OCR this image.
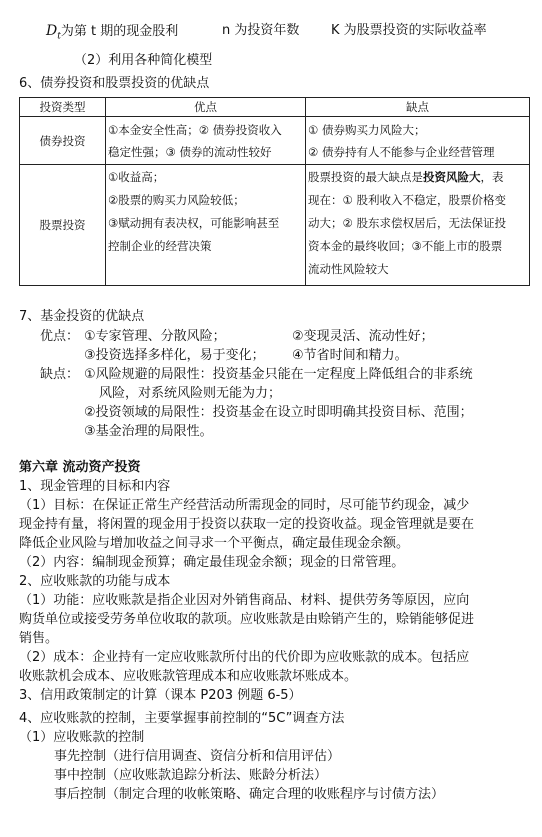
$D_t$为第 t 期的现金股利	n 为投资年数 K 为股票投资的实际收益率
（2）利用各种简化模型
6、债券投资和股票投资的优缺点
投资类型	优点	缺点
债券投资	①本金安全性高；② 债券投资收入
稳定性强；③ 债券的流动性较好	① 债券购买力风险大；
② 债券持有人不能参与企业经营管理

股票投资	①收益高；
②股票的购买力风险较低；
③赋动拥有表决权，可能影响甚至
控制企业的经营决策	股票投资的最大缺点是投资风险大，表
现在：① 股利收入不稳定，股票价格变
动大；② 股东求偿权居后，无法保证投
资本金的最终收回；③不能上市的股票
流动性风险较大
7、基金投资的优缺点
优点： ①专家管理、分散风险；	②变现灵活、流动性好；
③投资选择多样化，易于变化； ④节省时间和精力。
缺点： ①风险规避的局限性：投资基金只能在一定程度上降低组合的非系统
风险，对系统风险则无能为力；
②投资领域的局限性：投资基金在设立时即明确其投资目标、范围；
③基金治理的局限性。
第六章 流动资产投资
1、现金管理的目标和内容
（1）目标：在保证正常生产经营活动所需现金的同时，尽可能节约现金，减少
现金持有量，将闲置的现金用于投资以获取一定的投资收益。现金管理就是要在
降低企业风险与增加收益之间寻求一个平衡点，确定最佳现金余额。
（2）内容：编制现金预算；确定最佳现金余额；现金的日常管理。
2、应收账款的功能与成本
（1）功能：应收账款是指企业因对外销售商品、材料、提供劳务等原因，应向
购货单位或接受劳务单位收取的款项。应收账款是由赊销产生的，赊销能够促进
销售。
（2）成本：企业持有一定应收账款所付出的代价即为应收账款的成本。包括应
收账款机会成本、应收账款管理成本和应收账款坏账成本。
3、信用政策制定的计算（课本 P203 例题 6-5）
4、应收账款的控制，主要掌握事前控制的“5C”调查方法
（1）应收账款的控制
事先控制（进行信用调查、资信分析和信用评估）
事中控制（应收账款追踪分析法、账龄分析法）
事后控制（制定合理的收帐策略、确定合理的收账程序与讨债方法）
